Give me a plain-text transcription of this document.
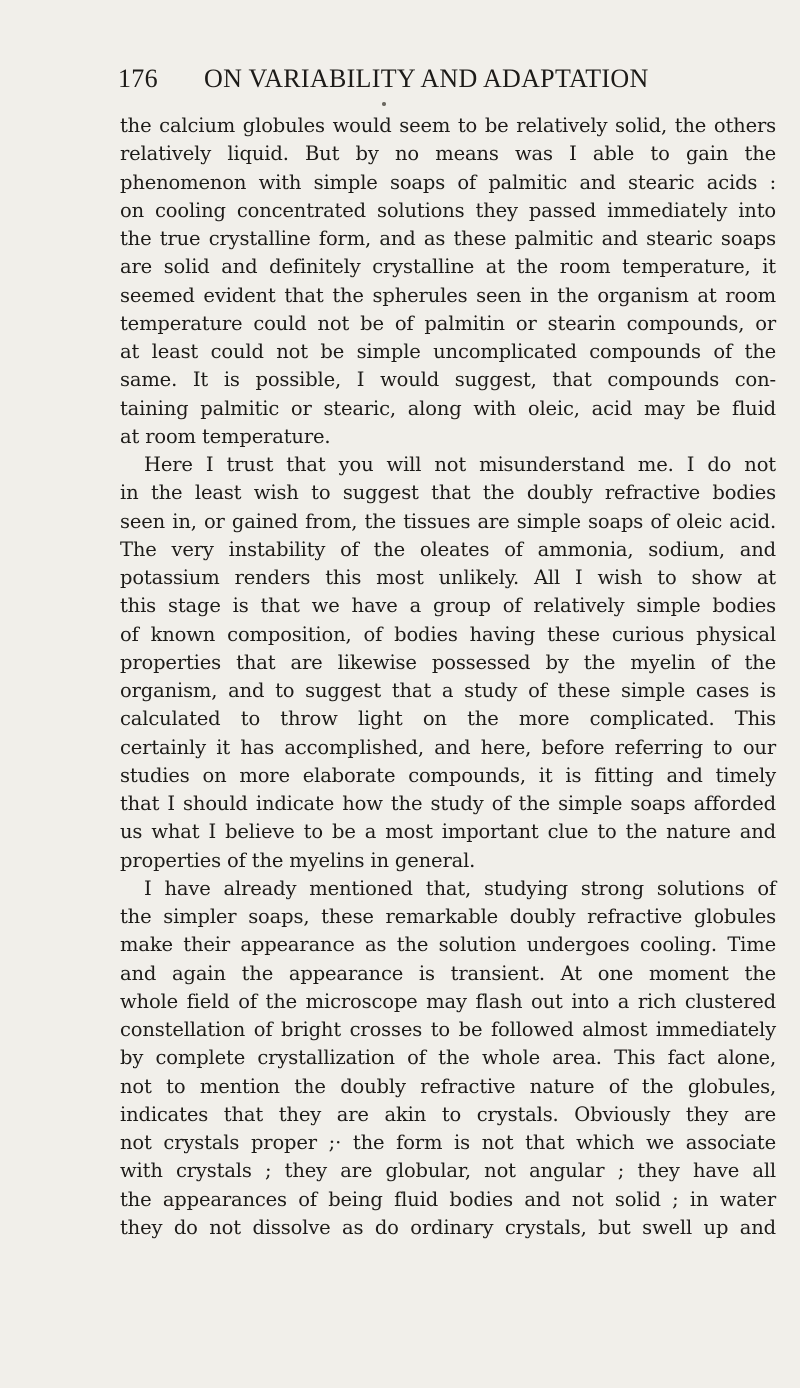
176 ON VARIABILITY AND ADAPTATION
the calcium globules would seem to be relatively solid, the others
relatively liquid. But by no means was I able to gain the
phenomenon with simple soaps of palmitic and stearic acids :
on cooling concentrated solutions they passed immediately into
the true crystalline form, and as these palmitic and stearic soaps
are solid and definitely crystalline at the room temperature, it
seemed evident that the spherules seen in the organism at room
temperature could not be of palmitin or stearin compounds, or
at least could not be simple uncomplicated compounds of the
same. It is possible, I would suggest, that compounds con-
taining palmitic or stearic, along with oleic, acid may be fluid
at room temperature.
Here I trust that you will not misunderstand me. I do not
in the least wish to suggest that the doubly refractive bodies
seen in, or gained from, the tissues are simple soaps of oleic acid.
The very instability of the oleates of ammonia, sodium, and
potassium renders this most unlikely. All I wish to show at
this stage is that we have a group of relatively simple bodies
of known composition, of bodies having these curious physical
properties that are likewise possessed by the myelin of the
organism, and to suggest that a study of these simple cases is
calculated to throw light on the more complicated. This
certainly it has accomplished, and here, before referring to our
studies on more elaborate compounds, it is fitting and timely
that I should indicate how the study of the simple soaps afforded
us what I believe to be a most important clue to the nature and
properties of the myelins in general.
I have already mentioned that, studying strong solutions of
the simpler soaps, these remarkable doubly refractive globules
make their appearance as the solution undergoes cooling. Time
and again the appearance is transient. At one moment the
whole field of the microscope may flash out into a rich clustered
constellation of bright crosses to be followed almost immediately
by complete crystallization of the whole area. This fact alone,
not to mention the doubly refractive nature of the globules,
indicates that they are akin to crystals. Obviously they are
not crystals proper ;· the form is not that which we associate
with crystals ; they are globular, not angular ; they have all
the appearances of being fluid bodies and not solid ; in water
they do not dissolve as do ordinary crystals, but swell up and
